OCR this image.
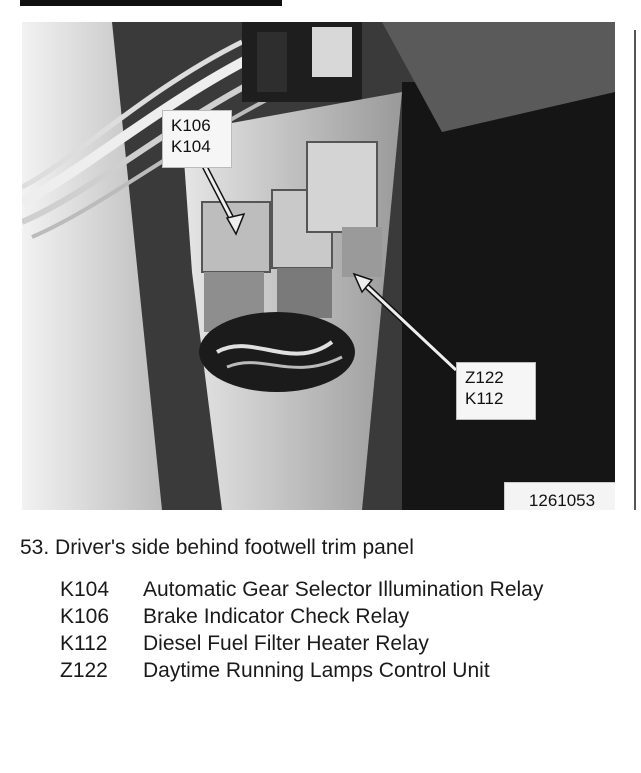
K106
K104
Z122
K112
1261053
53. Driver's side behind footwell trim panel
K104	Automatic Gear Selector Illumination Relay
K106	Brake Indicator Check Relay
K112	Diesel Fuel Filter Heater Relay
Z122	Daytime Running Lamps Control Unit
